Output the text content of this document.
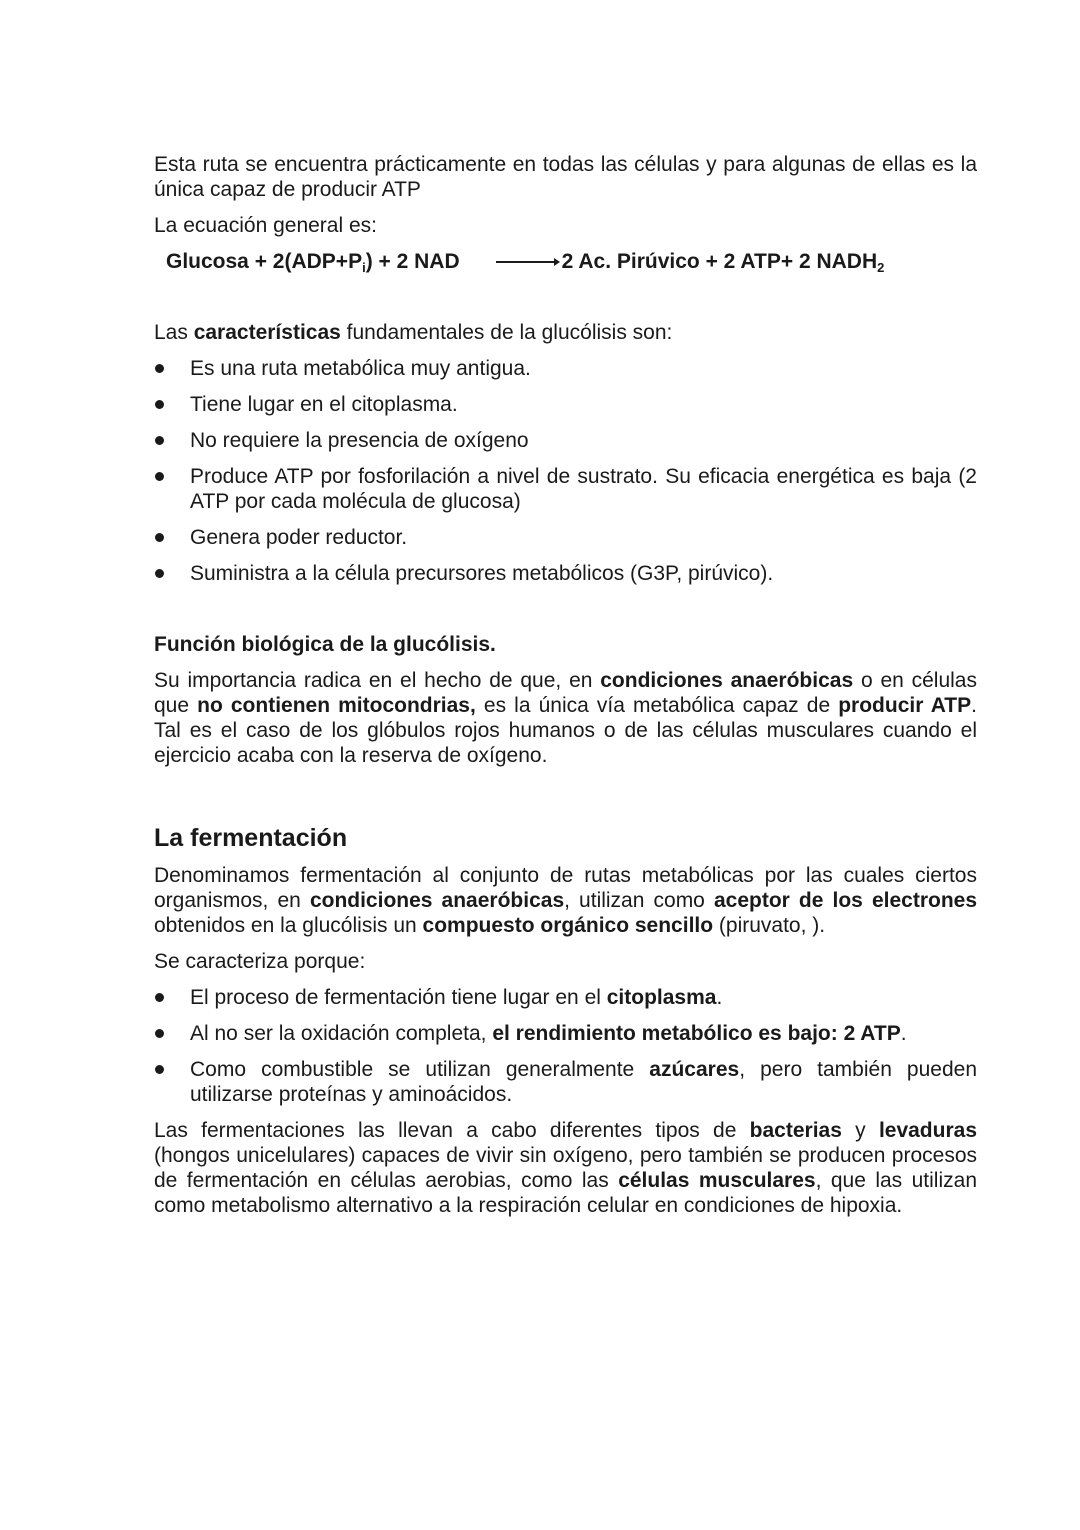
Esta ruta se encuentra prácticamente en todas las células y para algunas de ellas es la única capaz de producir ATP

La ecuación general es:

$Glucosa + 2(ADP+P_i) + 2$ NAD → 2 Ac. Pirúvico + 2 ATP+ 2 $NADH_2$

Las características fundamentales de la glucólisis son:

Es una ruta metabólica muy antigua.
Tiene lugar en el citoplasma.
No requiere la presencia de oxígeno
Produce ATP por fosforilación a nivel de sustrato. Su eficacia energética es baja (2 ATP por cada molécula de glucosa)
Genera poder reductor.
Suministra a la célula precursores metabólicos (G3P, pirúvico).

Función biológica de la glucólisis.

Su importancia radica en el hecho de que, en condiciones anaeróbicas o en células que no contienen mitocondrias, es la única vía metabólica capaz de producir ATP. Tal es el caso de los glóbulos rojos humanos o de las células musculares cuando el ejercicio acaba con la reserva de oxígeno.

La fermentación

Denominamos fermentación al conjunto de rutas metabólicas por las cuales ciertos organismos, en condiciones anaeróbicas, utilizan como aceptor de los electrones obtenidos en la glucólisis un compuesto orgánico sencillo (piruvato, ).

Se caracteriza porque:

El proceso de fermentación tiene lugar en el citoplasma.
Al no ser la oxidación completa, el rendimiento metabólico es bajo: 2 ATP.
Como combustible se utilizan generalmente azúcares, pero también pueden utilizarse proteínas y aminoácidos.

Las fermentaciones las llevan a cabo diferentes tipos de bacterias y levaduras (hongos unicelulares) capaces de vivir sin oxígeno, pero también se producen procesos de fermentación en células aerobias, como las células musculares, que las utilizan como metabolismo alternativo a la respiración celular en condiciones de hipoxia.
